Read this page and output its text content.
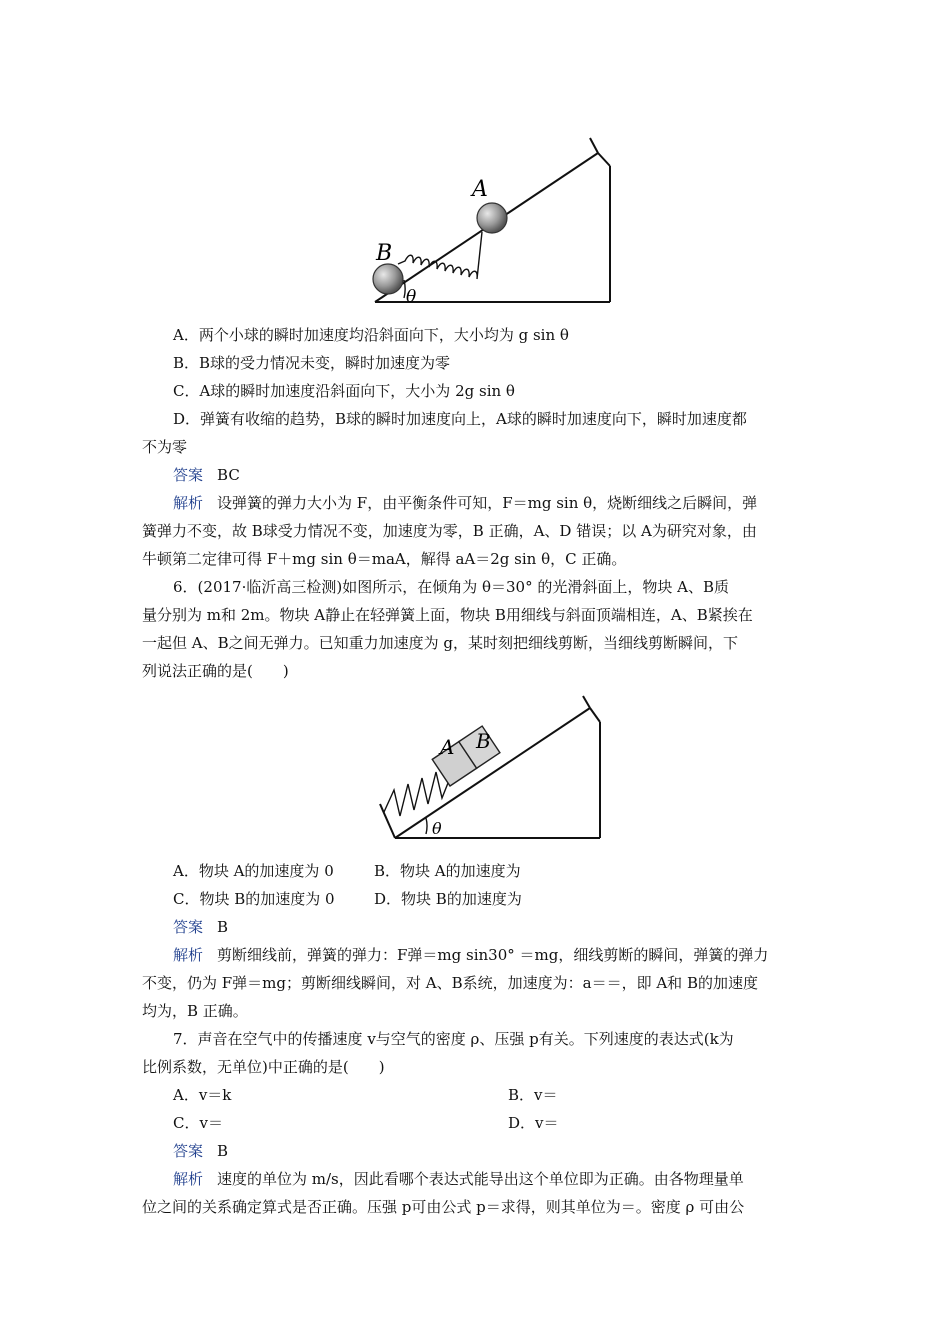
A
B
θ
A．两个小球的瞬时加速度均沿斜面向下，大小均为 g sin θ
B．B球的受力情况未变，瞬时加速度为零
C．A球的瞬时加速度沿斜面向下，大小为 2g sin θ
D．弹簧有收缩的趋势，B球的瞬时加速度向上，A球的瞬时加速度向下，瞬时加速度都
不为零
答案 BC
解析 设弹簧的弹力大小为 F，由平衡条件可知，F＝mg sin θ，烧断细线之后瞬间，弹
簧弹力不变，故 B球受力情况不变，加速度为零，B 正确，A、D 错误；以 A为研究对象，由
牛顿第二定律可得 F＋mg sin θ＝maA，解得 aA＝2g sin θ，C 正确。
6．(2017·临沂高三检测)如图所示，在倾角为 θ＝30° 的光滑斜面上，物块 A、B质
量分别为 m和 2m。物块 A静止在轻弹簧上面，物块 B用细线与斜面顶端相连，A、B紧挨在
一起但 A、B之间无弹力。已知重力加速度为 g，某时刻把细线剪断，当细线剪断瞬间，下
列说法正确的是(　　)
A B
θ
A．物块 A的加速度为 0	B．物块 A的加速度为
C．物块 B的加速度为 0	D．物块 B的加速度为
答案 B
解析 剪断细线前，弹簧的弹力：F弹＝mg sin30° ＝mg，细线剪断的瞬间，弹簧的弹力
不变，仍为 F弹＝mg；剪断细线瞬间，对 A、B系统，加速度为：a＝＝，即 A和 B的加速度
均为，B 正确。
7．声音在空气中的传播速度 v与空气的密度 ρ、压强 p有关。下列速度的表达式(k为
比例系数，无单位)中正确的是(　　)
A．v＝k	B．v＝
C．v＝	D．v＝
答案 B
解析 速度的单位为 m/s，因此看哪个表达式能导出这个单位即为正确。由各物理量单
位之间的关系确定算式是否正确。压强 p可由公式 p＝求得，则其单位为＝。密度 ρ 可由公
